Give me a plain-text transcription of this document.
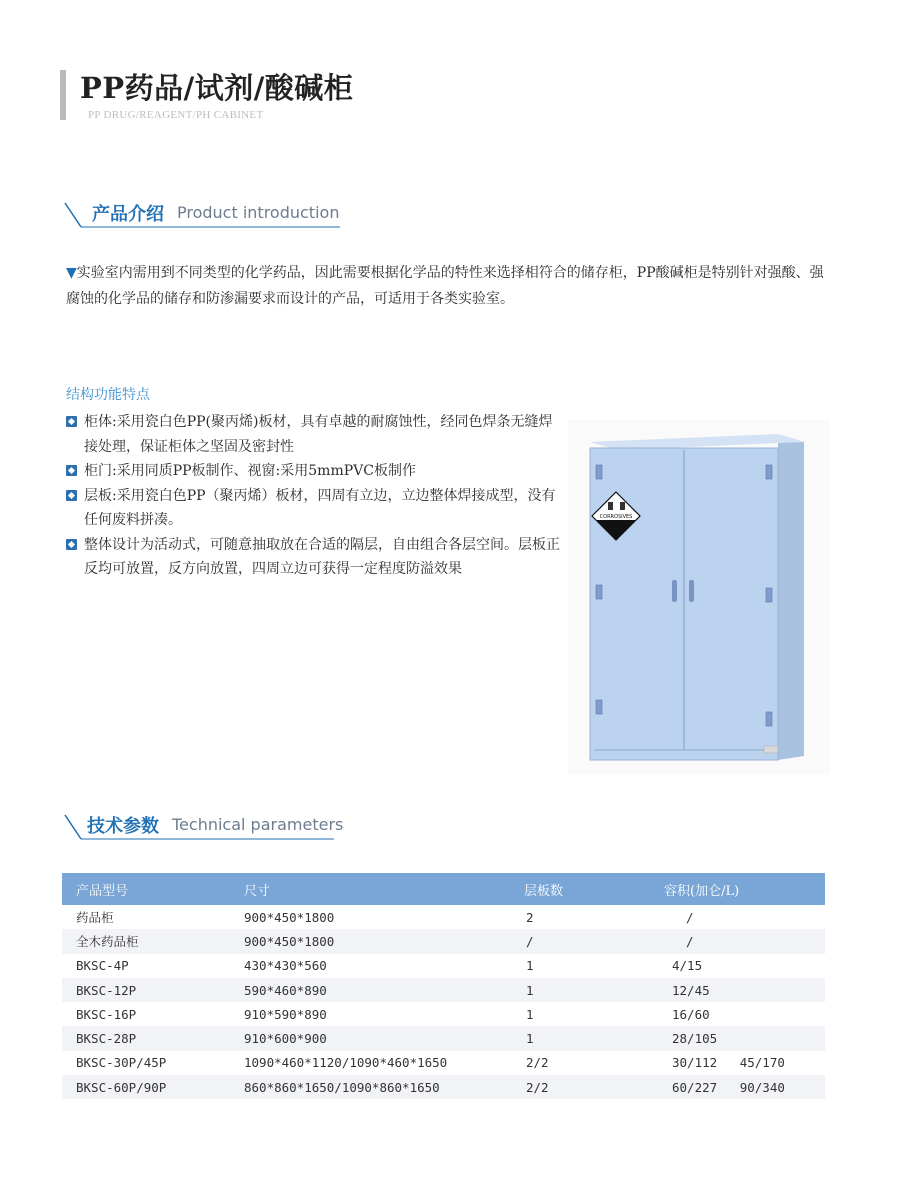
PP药品/试剂/酸碱柜
PP DRUG/REAGENT/PH CABINET
产品介绍 Product introduction

▼实验室内需用到不同类型的化学药品，因此需要根据化学品的特性来选择相符合的储存柜，PP酸碱柜是特别针对强酸、强腐蚀的化学品的储存和防渗漏要求而设计的产品，可适用于各类实验室。

结构功能特点
柜体:采用瓷白色PP(聚丙烯)板材，具有卓越的耐腐蚀性，经同色焊条无缝焊接处理，保证柜体之坚固及密封性
柜门:采用同质PP板制作、视窗:采用5mmPVC板制作
层板:采用瓷白色PP（聚丙烯）板材，四周有立边，立边整体焊接成型，没有任何废料拼凑。
整体设计为活动式，可随意抽取放在合适的隔层，自由组合各层空间。层板正反均可放置，反方向放置，四周立边可获得一定程度防溢效果
CORROSIVES
技术参数 Technical parameters
产品型号	尺寸	层板数	容积(加仑/L)
药品柜	900*450*1800	2	/
全木药品柜	900*450*1800	/	/
BKSC-4P	430*430*560	1	4/15
BKSC-12P	590*460*890	1	12/45
BKSC-16P	910*590*890	1	16/60
BKSC-28P	910*600*900	1	28/105
BKSC-30P/45P	1090*460*1120/1090*460*1650	2/2	30/112   45/170
BKSC-60P/90P	860*860*1650/1090*860*1650	2/2	60/227   90/340
